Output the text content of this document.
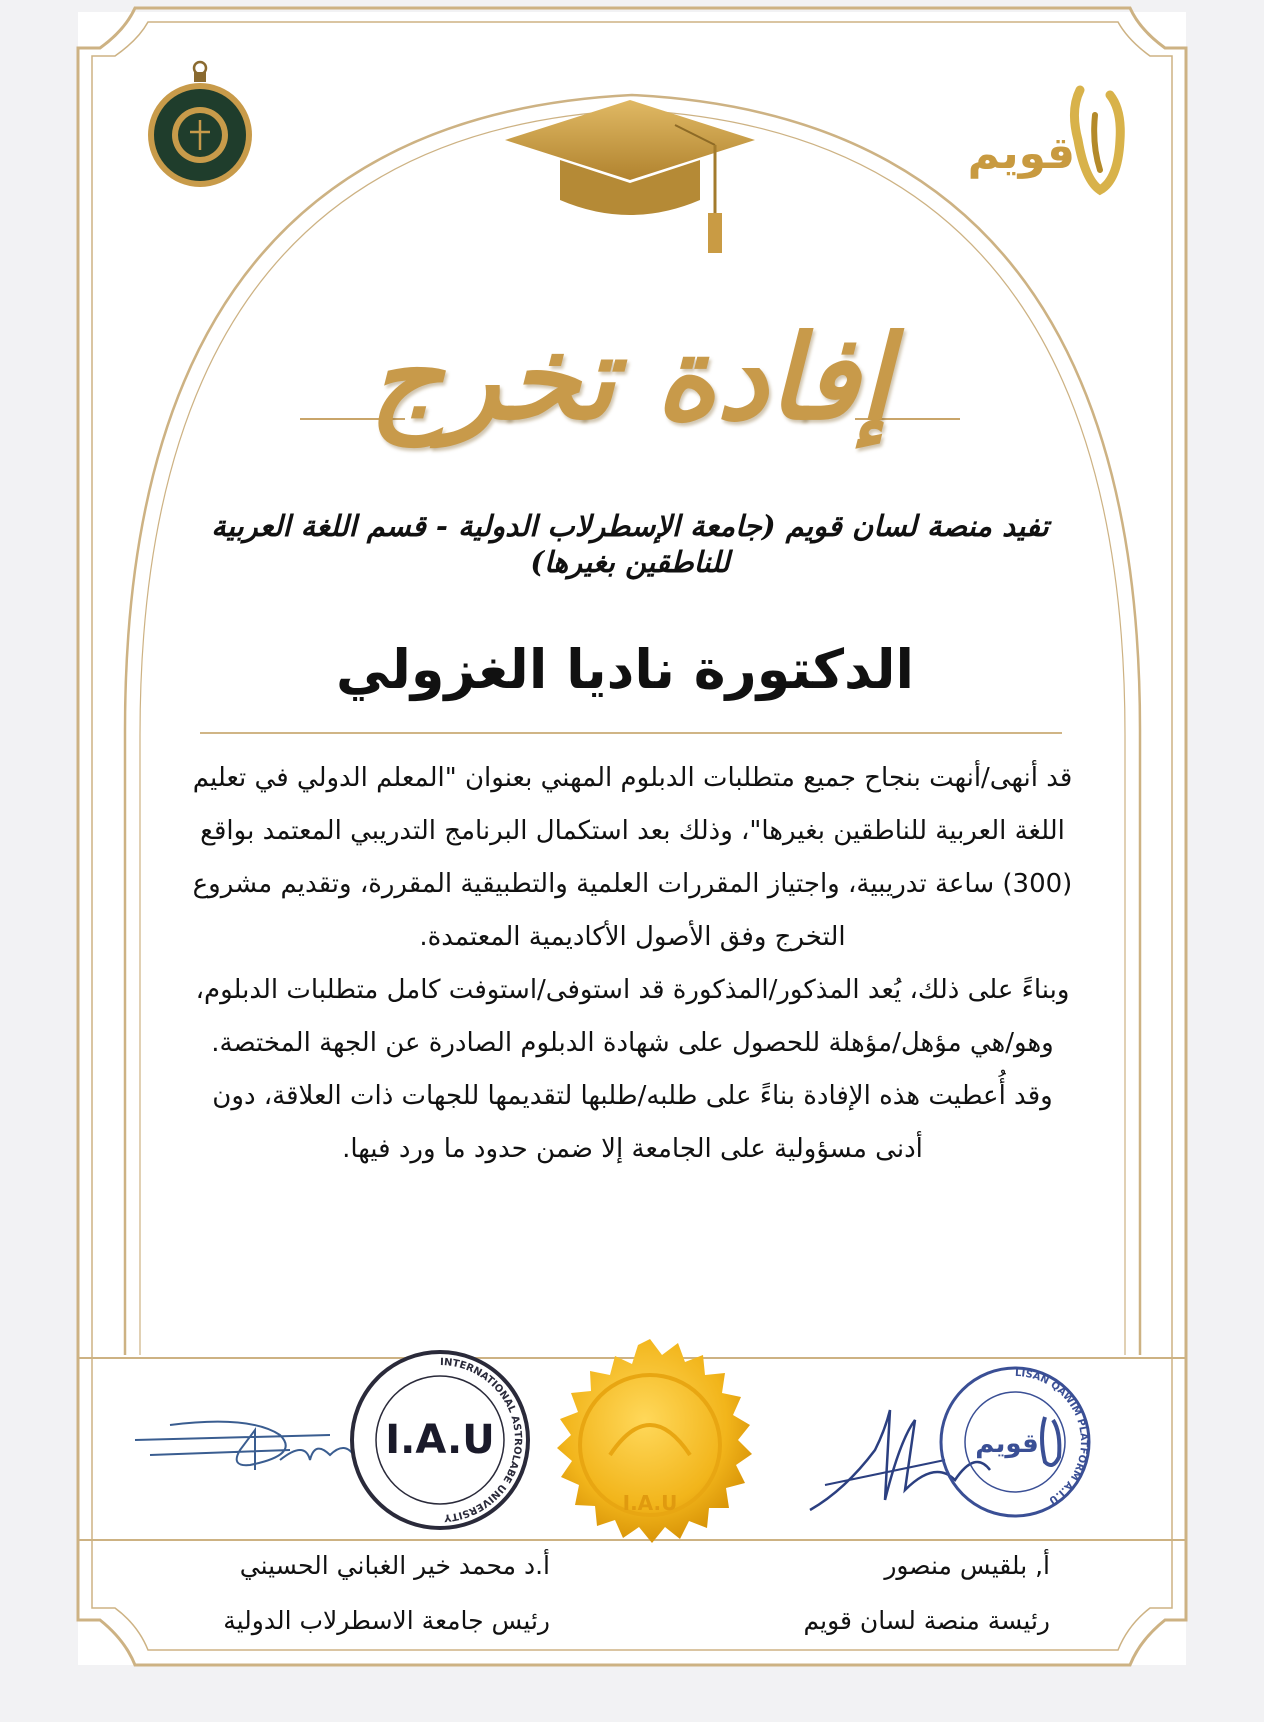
قويم
إفادة تخرج
تفيد منصة لسان قويم (جامعة الإسطرلاب الدولية - قسم اللغة العربية للناطقين بغيرها)
الدكتورة ناديا الغزولي

قد أنهى/أنهت بنجاح جميع متطلبات الدبلوم المهني بعنوان "المعلم الدولي في تعليم اللغة العربية للناطقين بغيرها"، وذلك بعد استكمال البرنامج التدريبي المعتمد بواقع (300) ساعة تدريبية، واجتياز المقررات العلمية والتطبيقية المقررة، وتقديم مشروع التخرج وفق الأصول الأكاديمية المعتمدة.

وبناءً على ذلك، يُعد المذكور/المذكورة قد استوفى/استوفت كامل متطلبات الدبلوم، وهو/هي مؤهل/مؤهلة للحصول على شهادة الدبلوم الصادرة عن الجهة المختصة.

وقد أُعطيت هذه الإفادة بناءً على طلبه/طلبها لتقديمها للجهات ذات العلاقة، دون أدنى مسؤولية على الجامعة إلا ضمن حدود ما ورد فيها.

INTERNATIONAL ASTROLABE UNIVERSITY
I.A.U
I.A.U
LISAN QAWIM PLATFORM A.I.U
قويم
أ.د محمد خير الغباني الحسيني
رئيس جامعة الاسطرلاب الدولية
أ, بلقيس منصور
رئيسة منصة لسان قويم
